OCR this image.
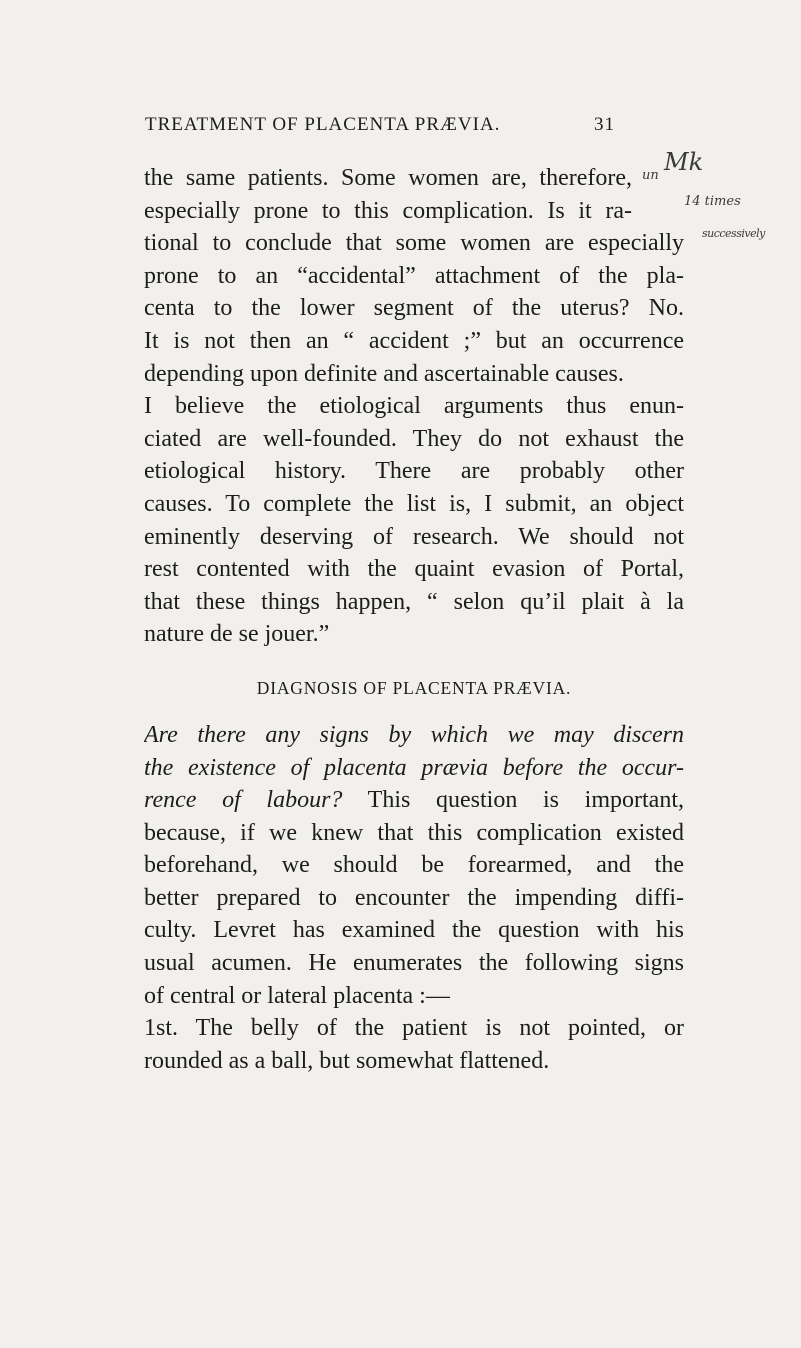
TREATMENT OF PLACENTA PRÆVIA.	31
the same patients. Some women are, therefore,
especially prone to this complication. Is it ra-
tional to conclude that some women are especially
prone to an “accidental” attachment of the pla-
centa to the lower segment of the uterus? No.
It is not then an “ accident ;” but an occurrence
depending upon definite and ascertainable causes.
I believe the etiological arguments thus enun-
ciated are well-founded. They do not exhaust the
etiological history. There are probably other
causes. To complete the list is, I submit, an object
eminently deserving of research. We should not
rest contented with the quaint evasion of Portal,
that these things happen, “ selon qu’il plait à la
nature de se jouer.”
DIAGNOSIS OF PLACENTA PRÆVIA.
Are there any signs by which we may discern
the existence of placenta prævia before the occur-
rence of labour? This question is important,
because, if we knew that this complication existed
beforehand, we should be forearmed, and the
better prepared to encounter the impending diffi-
culty. Levret has examined the question with his
usual acumen. He enumerates the following signs
of central or lateral placenta :—
1st. The belly of the patient is not pointed, or
rounded as a ball, but somewhat flattened.
un Mk
14 times
successively
